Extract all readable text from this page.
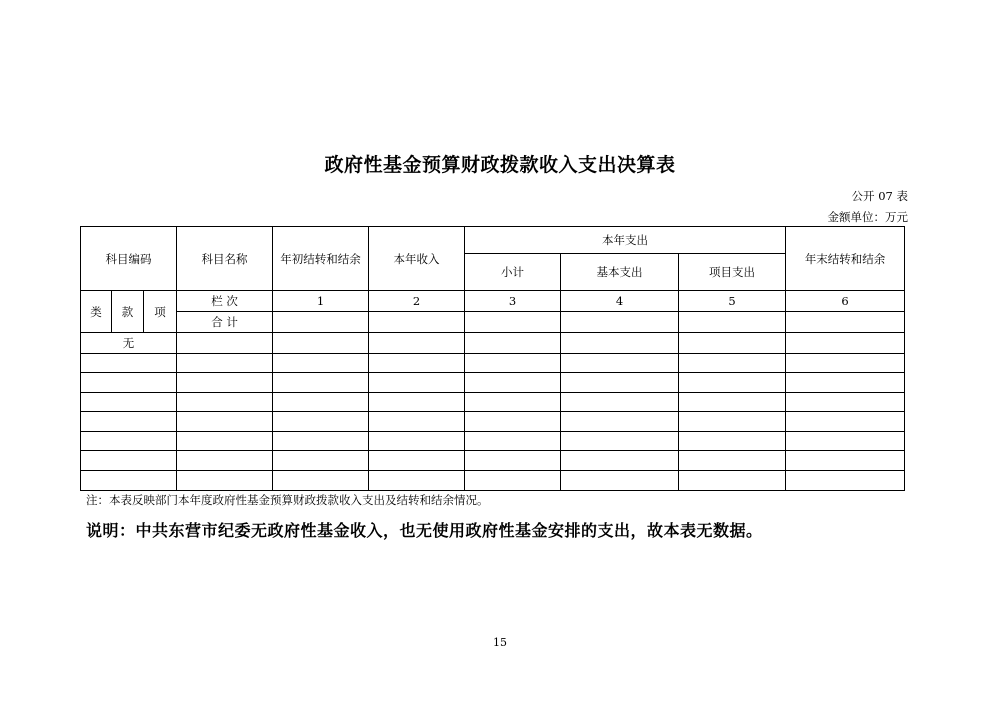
政府性基金预算财政拨款收入支出决算表
公开 07 表
金额单位：万元
科目编码			科目名称	年初结转和结余	本年收入	本年支出			年末结转和结余
						小计	基本支出	项目支出	
类	款	项	栏 次	1	2	3	4	5	6
			合 计						
无									

注：本表反映部门本年度政府性基金预算财政拨款收入支出及结转和结余情况。
说明：中共东营市纪委无政府性基金收入，也无使用政府性基金安排的支出，故本表无数据。
15
